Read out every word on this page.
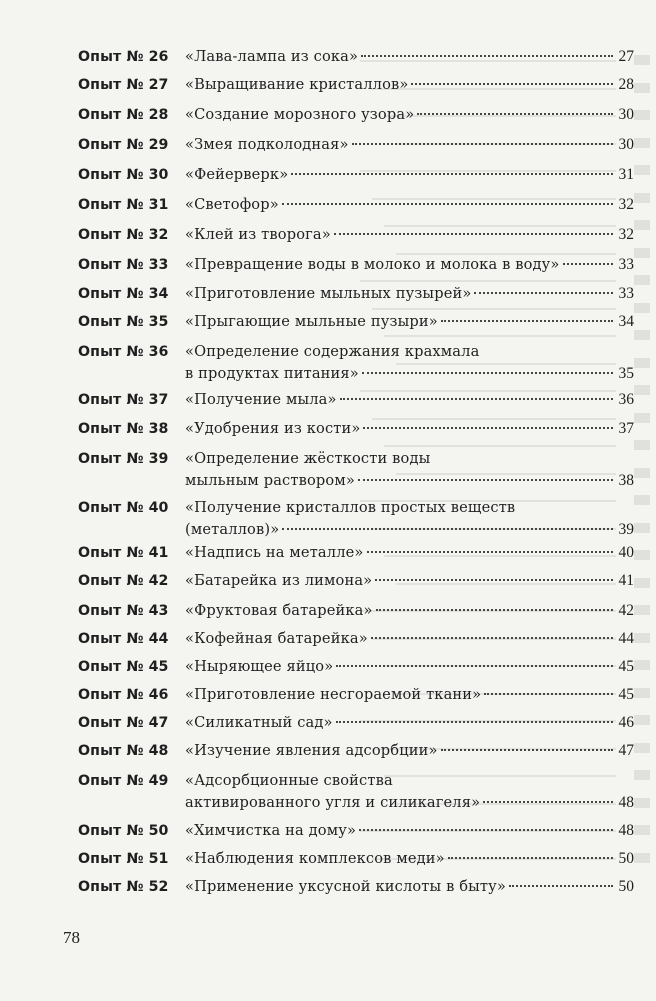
Опыт № 26	«Лава-лампа из сока»	27
Опыт № 27	«Выращивание кристаллов»	28
Опыт № 28	«Создание морозного узора»	30
Опыт № 29	«Змея подколодная»	30
Опыт № 30	«Фейерверк»	31
Опыт № 31	«Светофор»	32
Опыт № 32	«Клей из творога»	32
Опыт № 33	«Превращение воды в молоко и молока в воду»	33
Опыт № 34	«Приготовление мыльных пузырей»	33
Опыт № 35	«Прыгающие мыльные пузыри»	34
Опыт № 36	«Определение содержания крахмала
в продуктах питания»	35
Опыт № 37	«Получение мыла»	36
Опыт № 38	«Удобрения из кости»	37
Опыт № 39	«Определение жёсткости воды
мыльным раствором»	38
Опыт № 40	«Получение кристаллов простых веществ
(металлов)»	39
Опыт № 41	«Надпись на металле»	40
Опыт № 42	«Батарейка из лимона»	41
Опыт № 43	«Фруктовая батарейка»	42
Опыт № 44	«Кофейная батарейка»	44
Опыт № 45	«Ныряющее яйцо»	45
Опыт № 46	«Приготовление несгораемой ткани»	45
Опыт № 47	«Силикатный сад»	46
Опыт № 48	«Изучение явления адсорбции»	47
Опыт № 49	«Адсорбционные свойства
активированного угля и силикагеля»	48
Опыт № 50	«Химчистка на дому»	48
Опыт № 51	«Наблюдения комплексов меди»	50
Опыт № 52	«Применение уксусной кислоты в быту»	50
78
